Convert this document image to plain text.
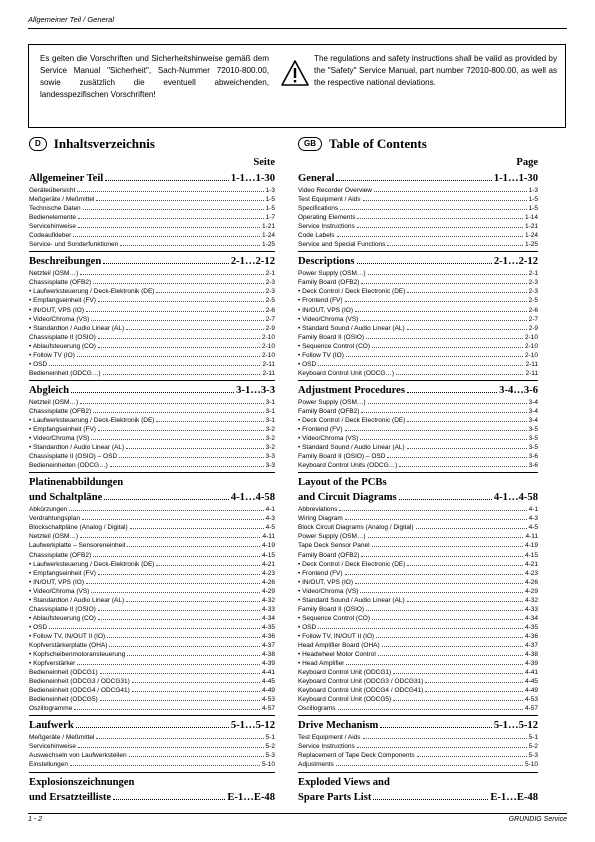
Allgemeiner Teil / General
Es gelten die Vorschriften und Sicherheitshinweise gemäß dem Service Manual "Sicherheit", Sach-Nummer 72010-800.00, sowie zusätzlich die eventuell abweichenden, landesspezifischen Vorschriften!
The regulations and safety instructions shall be valid as provided by the "Safety" Service Manual, part number 72010-800.00, as well as the respective national deviations.
D	Inhaltsverzeichnis
Seite
Allgemeiner Teil	1-1…1-30
Geräteübersicht	1-3
Meßgeräte / Meßmittel	1-5
Technische Daten	1-5
Bedienelemente	1-7
Servicehinweise	1-21
Codeaufkleber	1-24
Service- und Sonderfunktionen	1-25
Beschreibungen	2-1…2-12
Netzteil (OSM…)	2-1
Chassisplatte (OFB2)	2-3
• Laufwerksteuerung / Deck-Elektronik (DE)	2-3
• Empfangseinheit (FV)	2-5
• IN/OUT, VPS (IO)	2-6
• Video/Chroma (VS)	2-7
• Standardton / Audio Linear (AL)	2-9
Chassisplatte II (OSIO)	2-10
• Ablaufsteuerung (CO)	2-10
• Follow TV (IO)	2-10
• OSD	2-11
Bedieneinheit (ODCG…)	2-11
Abgleich	3-1…3-3
Netzteil (OSM…)	3-1
Chassisplatte (OFB2)	3-1
• Laufwerksteuerung / Deck-Elektronik (DE)	3-1
• Empfangseinheit (FV)	3-2
• Video/Chroma (VS)	3-2
• Standardton / Audio Linear (AL)	3-2
Chassisplatte II (OSIO) – OSD	3-3
Bedieneinheiten (ODCG…)	3-3
Platinenabbildungen
und Schaltpläne	4-1…4-58
Abkürzungen	4-1
Verdrahtungsplan	4-3
Blockschaltpläne (Analog / Digital)	4-5
Netzteil (OSM…)	4-11
Laufwerkplatte – Sensoreneinheit	4-19
Chassisplatte (OFB2)	4-15
• Laufwerksteuerung / Deck-Elektronik (DE)	4-21
• Empfangseinheit (FV)	4-23
• IN/OUT, VPS (IO)	4-26
• Video/Chroma (VS)	4-29
• Standardton / Audio Linear (AL)	4-32
Chassisplatte II (OSIO)	4-33
• Ablaufsteuerung (CO)	4-34
• OSD	4-35
• Follow TV, IN/OUT II (IO)	4-36
Kopfverstärkerplatte (OHA)	4-37
• Kopfscheibenmotoransteuerung	4-38
• Kopfverstärker	4-39
Bedieneinheit (ODCG1)	4-41
Bedieneinheit (ODCG3 / ODCG31)	4-45
Bedieneinheit (ODCG4 / ODCG41)	4-49
Bedieneinheit (ODCG5)	4-53
Oszillogramme	4-57
Laufwerk	5-1…5-12
Meßgeräte / Meßmittel	5-1
Servicehinweise	5-2
Auswechseln von Laufwerksteilen	5-3
Einstellungen	5-10
Explosionszeichnungen
und Ersatzteilliste	E-1…E-48
GB	Table of Contents
Page
General	1-1…1-30
Video Recorder Overview	1-3
Test Equipment / Aids	1-5
Specifications	1-5
Operating Elements	1-14
Service Instructions	1-21
Code Labels	1-24
Service and Special Functions	1-25
Descriptions	2-1…2-12
Power Supply (OSM…)	2-1
Family Board (OFB2)	2-3
• Deck Control / Deck Electronic (DE)	2-3
• Frontend (FV)	2-5
• IN/OUT, VPS (IO)	2-6
• Video/Chroma (VS)	2-7
• Standard Sound / Audio Linear (AL)	2-9
Family Board II (OSIO)	2-10
• Sequence Control (CO)	2-10
• Follow TV (IO)	2-10
• OSD	2-11
Keyboard Control Unit (ODCG…)	2-11
Adjustment Procedures	3-4…3-6
Power Supply (OSM…)	3-4
Family Board (OFB2)	3-4
• Deck Control / Deck Electronic (DE)	3-4
• Frontend (FV)	3-5
• Video/Chroma (VS)	3-5
• Standard Sound / Audio Linear (AL)	3-5
Family Board II (OSIO) – OSD	3-6
Keyboard Control Units (ODCG…)	3-6
Layout of the PCBs
and Circuit Diagrams	4-1…4-58
Abbreviations	4-1
Wiring Diagram	4-3
Block Circuit Diagrams (Analog / Digital)	4-5
Power Supply (OSM…)	4-11
Tape Deck Sensor Panel	4-19
Family Board (OFB2)	4-15
• Deck Control / Deck Electronic (DE)	4-21
• Frontend (FV)	4-23
• IN/OUT, VPS (IO)	4-26
• Video/Chroma (VS)	4-29
• Standard Sound / Audio Linear (AL)	4-32
Family Board II (OSIO)	4-33
• Sequence Control (CO)	4-34
• OSD	4-35
• Follow TV, IN/OUT II (IO)	4-36
Head Amplifier Board (OHA)	4-37
• Headwheel Motor Control	4-38
• Head Amplifier	4-39
Keyboard Control Unit (ODCG1)	4-41
Keyboard Control Unit (ODCG3 / ODCG31)	4-45
Keyboard Control Unit (ODCG4 / ODCG41)	4-49
Keyboard Control Unit (ODCG5)	4-53
Oscillograms	4-57
Drive Mechanism	5-1…5-12
Test Equipment / Aids	5-1
Service Instructions	5-2
Replacement of Tape Deck Components	5-3
Adjustments	5-10
Exploded Views and
Spare Parts List	E-1…E-48
1 - 2	GRUNDIG Service
